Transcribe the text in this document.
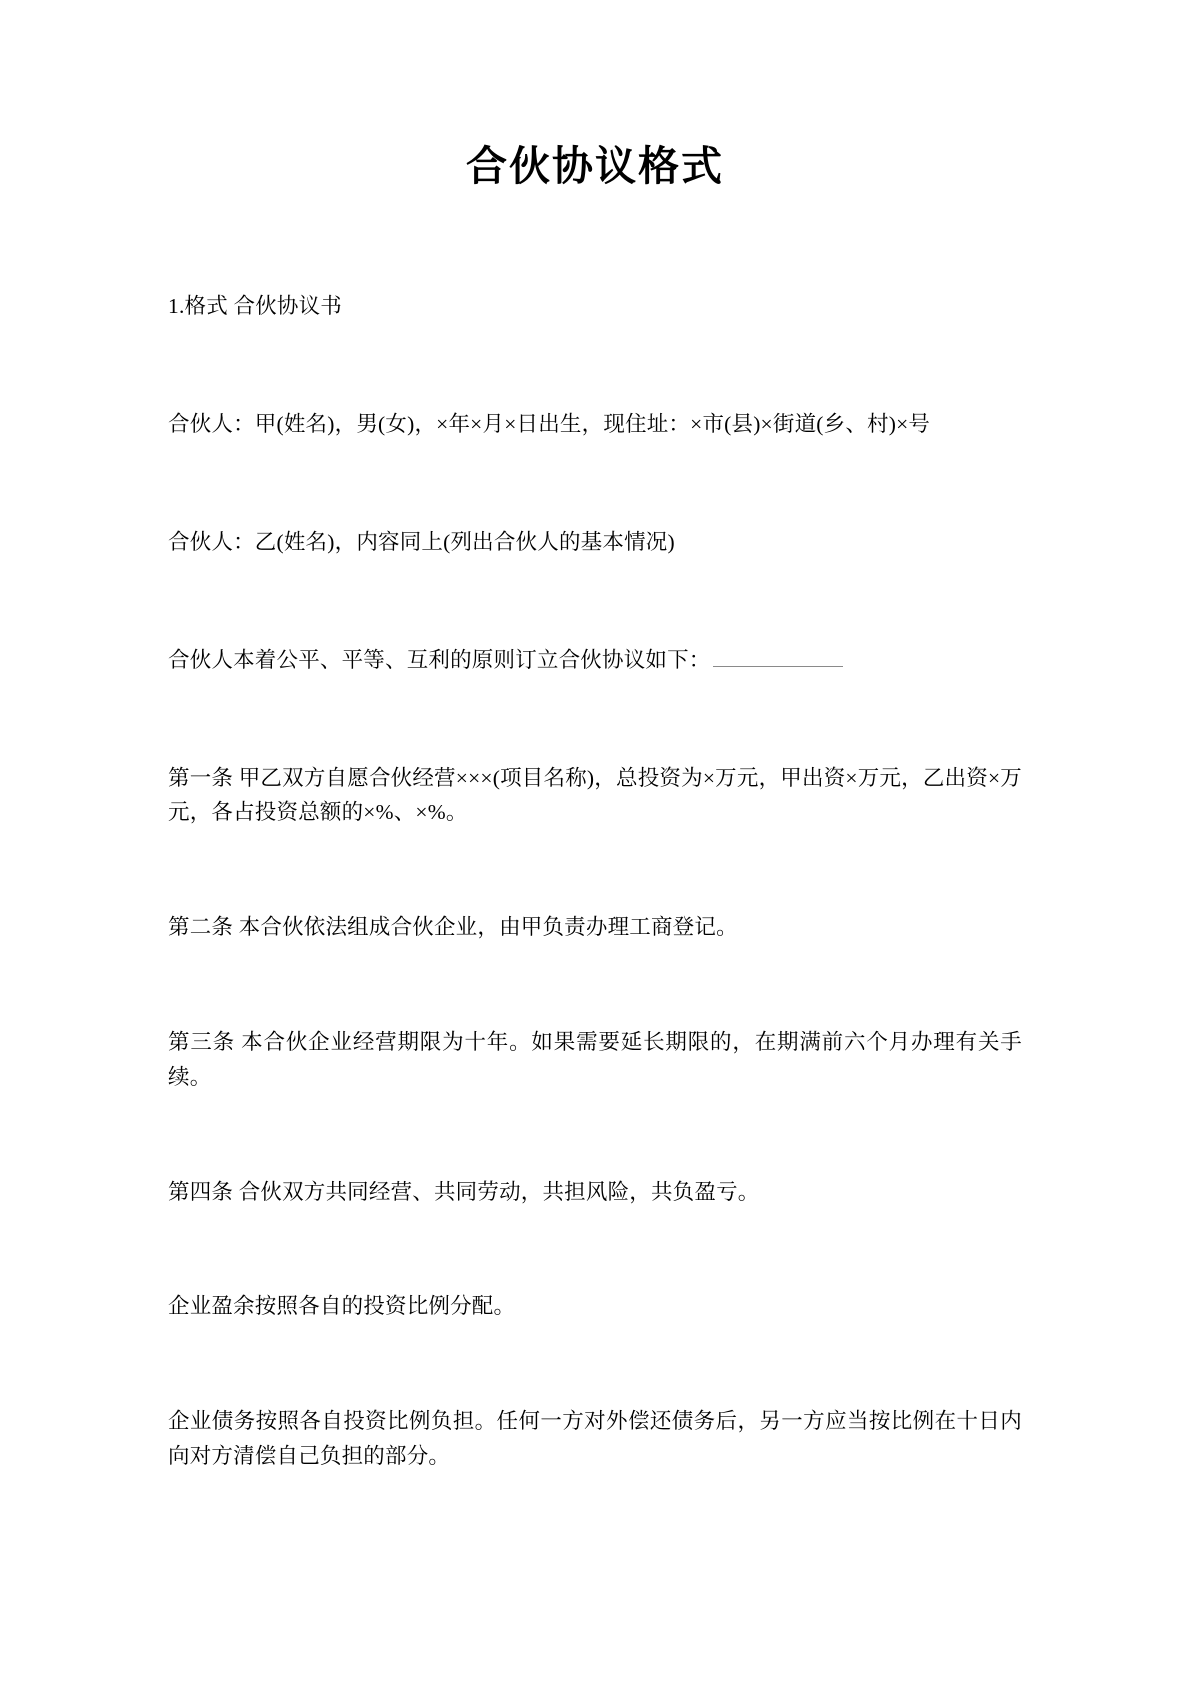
合伙协议格式

1.格式 合伙协议书

合伙人：甲(姓名)，男(女)，×年×月×日出生，现住址：×市(县)×街道(乡、村)×号

合伙人：乙(姓名)，内容同上(列出合伙人的基本情况)

合伙人本着公平、平等、互利的原则订立合伙协议如下：

第一条 甲乙双方自愿合伙经营×××(项目名称)，总投资为×万元，甲出资×万元，乙出资×万元，各占投资总额的×%、×%。

第二条 本合伙依法组成合伙企业，由甲负责办理工商登记。

第三条 本合伙企业经营期限为十年。如果需要延长期限的，在期满前六个月办理有关手续。

第四条 合伙双方共同经营、共同劳动，共担风险，共负盈亏。

企业盈余按照各自的投资比例分配。

企业债务按照各自投资比例负担。任何一方对外偿还债务后，另一方应当按比例在十日内向对方清偿自己负担的部分。
